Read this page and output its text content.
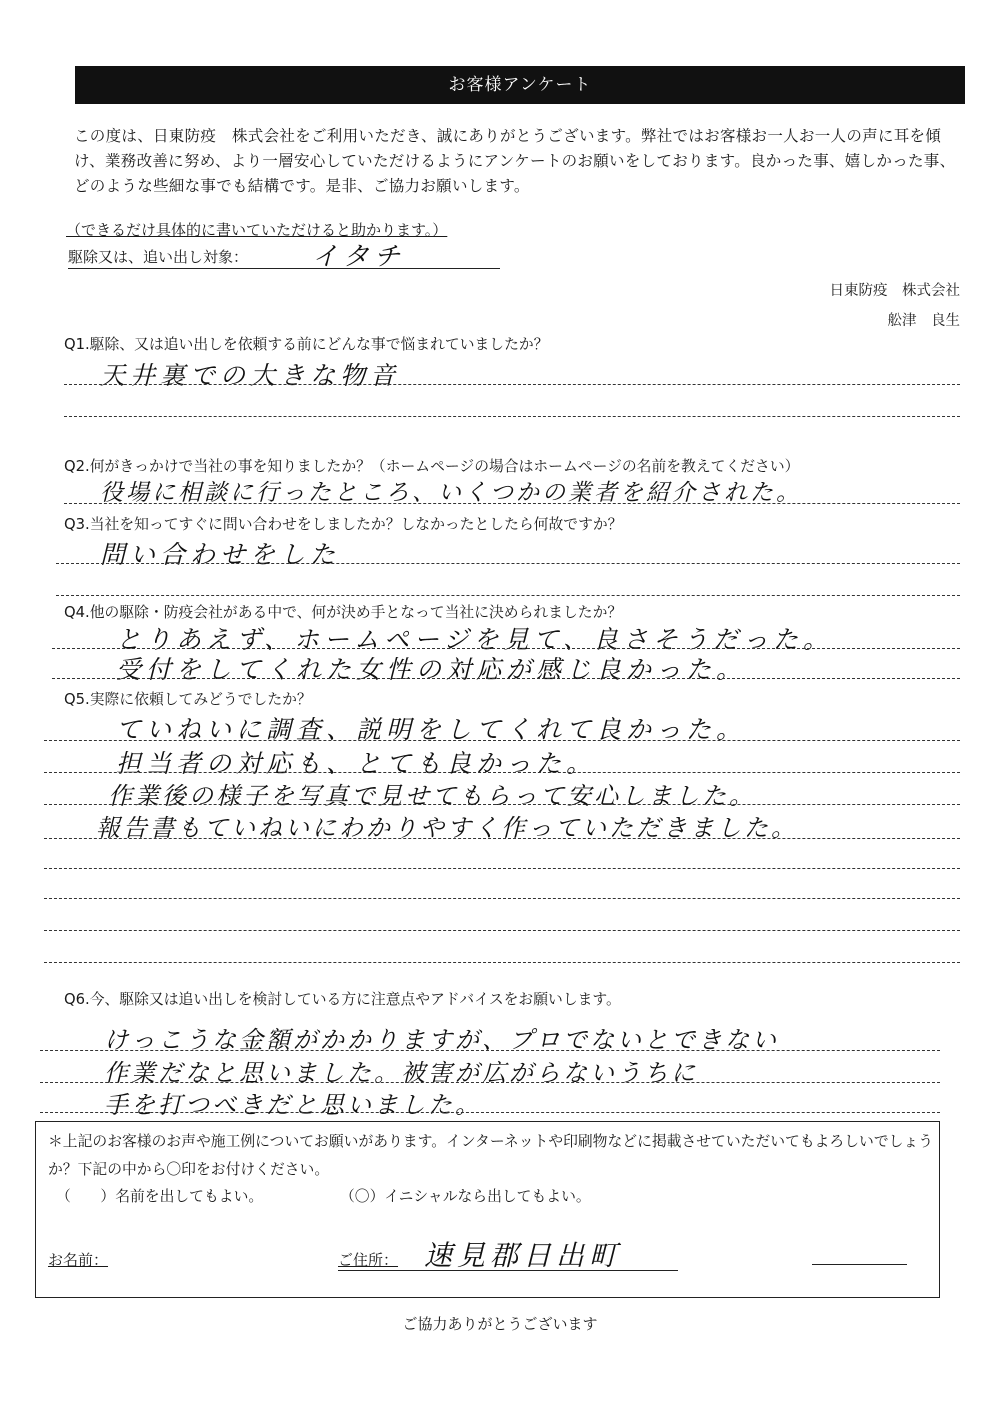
お客様アンケート
この度は、日東防疫　株式会社をご利用いただき、誠にありがとうございます。弊社ではお客様お一人お一人の声に耳を傾け、業務改善に努め、より一層安心していただけるようにアンケートのお願いをしております。良かった事、嬉しかった事、どのような些細な事でも結構です。是非、ご協力お願いします。
（できるだけ具体的に書いていただけると助かります。）
駆除又は、追い出し対象： イタチ
日東防疫　株式会社
舩津　良生
Q1.駆除、又は追い出しを依頼する前にどんな事で悩まれていましたか？
天井裏での大きな物音
Q2.何がきっかけで当社の事を知りましたか？（ホームページの場合はホームページの名前を教えてください）
役場に相談に行ったところ、いくつかの業者を紹介された。
Q3.当社を知ってすぐに問い合わせをしましたか？しなかったとしたら何故ですか？
問い合わせをした
Q4.他の駆除・防疫会社がある中で、何が決め手となって当社に決められましたか？
とりあえず、ホームページを見て、良さそうだった。
受付をしてくれた女性の対応が感じ良かった。
Q5.実際に依頼してみどうでしたか？
ていねいに調査、説明をしてくれて良かった。
担当者の対応も、とても良かった。
作業後の様子を写真で見せてもらって安心しました。
報告書もていねいにわかりやすく作っていただきました。
Q6.今、駆除又は追い出しを検討している方に注意点やアドバイスをお願いします。
けっこうな金額がかかりますが、プロでないとできない
作業だなと思いました。被害が広がらないうちに
手を打つべきだと思いました。
＊上記のお客様のお声や施工例についてお願いがあります。インターネットや印刷物などに掲載させていただいてもよろしいでしょうか？下記の中から〇印をお付けください。
（　　）名前を出してもよい。	（〇）イニシャルなら出してもよい。
お名前：	ご住所： 速見郡日出町
ご協力ありがとうございます
